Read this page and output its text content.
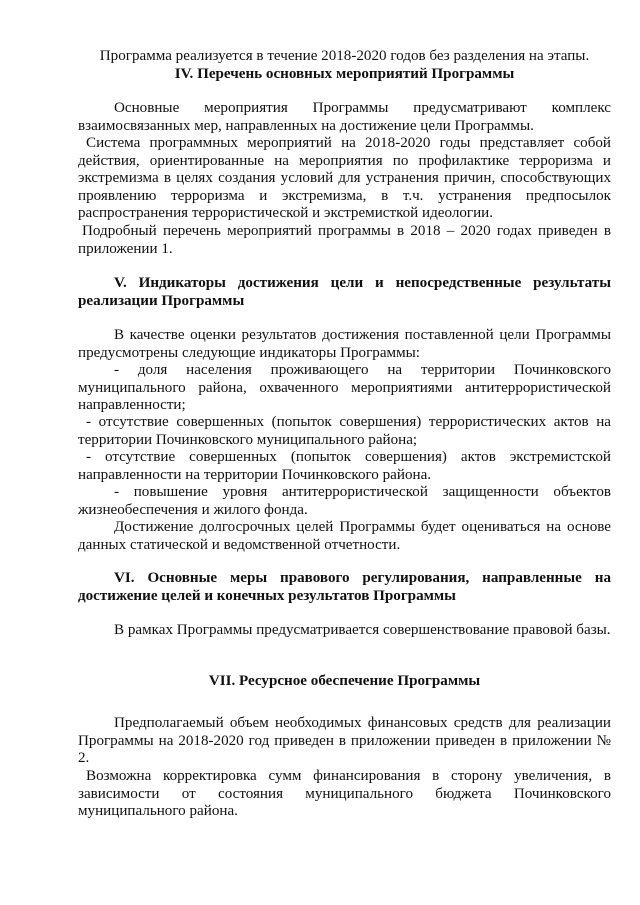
Программа реализуется в течение 2018-2020 годов без разделения на этапы.

IV. Перечень основных мероприятий Программы

Основные мероприятия Программы предусматривают комплекс взаимосвязанных мер, направленных на достижение цели Программы.

Система программных мероприятий на 2018-2020 годы представляет собой действия, ориентированные на мероприятия по профилактике терроризма и экстремизма в целях создания условий для устранения причин, способствующих проявлению терроризма и экстремизма, в т.ч. устранения предпосылок распространения террористической и экстремисткой идеологии.

Подробный перечень мероприятий программы в 2018 – 2020 годах приведен в приложении 1.

V. Индикаторы достижения цели и непосредственные результаты реализации Программы

В качестве оценки результатов достижения поставленной цели Программы предусмотрены следующие индикаторы Программы:

- доля населения проживающего на территории Починковского муниципального района, охваченного мероприятиями антитеррористической направленности;

- отсутствие совершенных (попыток совершения) террористических актов на территории Починковского муниципального района;

- отсутствие совершенных (попыток совершения) актов экстремистской направленности на территории Починковского района.

- повышение уровня антитеррористической защищенности объектов жизнеобеспечения и жилого фонда.

Достижение долгосрочных целей Программы будет оцениваться на основе данных статической и ведомственной отчетности.

VI. Основные меры правового регулирования, направленные на достижение целей и конечных результатов Программы

В рамках Программы предусматривается совершенствование правовой базы.

VII. Ресурсное обеспечение Программы

Предполагаемый объем необходимых финансовых средств для реализации Программы на 2018-2020 год приведен в приложении приведен в приложении № 2.

Возможна корректировка сумм финансирования в сторону увеличения, в зависимости от состояния муниципального бюджета Починковского муниципального района.
